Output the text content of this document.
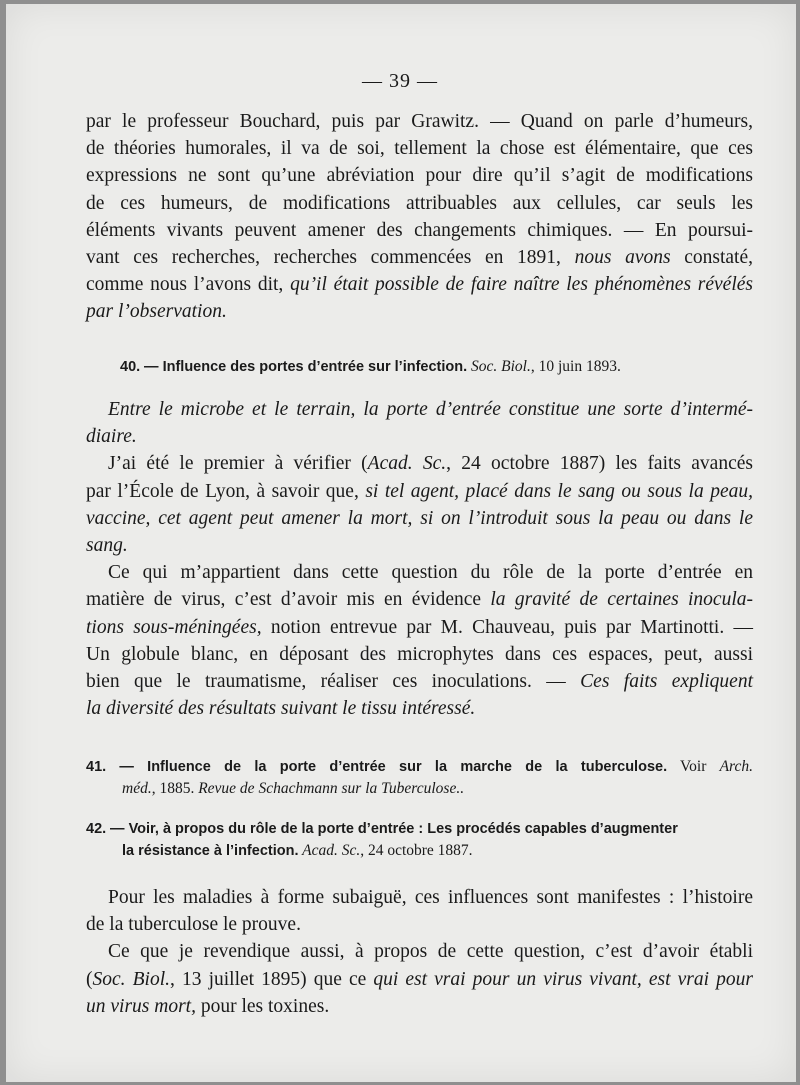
— 39 —
par le professeur Bouchard, puis par Grawitz. — Quand on parle d’humeurs,
de théories humorales, il va de soi, tellement la chose est élémentaire, que ces
expressions ne sont qu’une abréviation pour dire qu’il s’agit de modifications
de ces humeurs, de modifications attribuables aux cellules, car seuls les
éléments vivants peuvent amener des changements chimiques. — En poursui-
vant ces recherches, recherches commencées en 1891, nous avons constaté,
comme nous l’avons dit, qu’il était possible de faire naître les phénomènes révélés
par l’observation.
40. — Influence des portes d’entrée sur l’infection. Soc. Biol., 10 juin 1893.
Entre le microbe et le terrain, la porte d’entrée constitue une sorte d’intermé-
diaire.
J’ai été le premier à vérifier (Acad. Sc., 24 octobre 1887) les faits avancés
par l’École de Lyon, à savoir que, si tel agent, placé dans le sang ou sous la peau,
vaccine, cet agent peut amener la mort, si on l’introduit sous la peau ou dans le
sang.
Ce qui m’appartient dans cette question du rôle de la porte d’entrée en
matière de virus, c’est d’avoir mis en évidence la gravité de certaines inocula-
tions sous-méningées, notion entrevue par M. Chauveau, puis par Martinotti. —
Un globule blanc, en déposant des microphytes dans ces espaces, peut, aussi
bien que le traumatisme, réaliser ces inoculations. — Ces faits expliquent
la diversité des résultats suivant le tissu intéressé.
41. — Influence de la porte d’entrée sur la marche de la tuberculose. Voir Arch.
méd., 1885. Revue de Schachmann sur la Tuberculose..
42. — Voir, à propos du rôle de la porte d’entrée : Les procédés capables d’augmenter
la résistance à l’infection. Acad. Sc., 24 octobre 1887.
Pour les maladies à forme subaiguë, ces influences sont manifestes : l’histoire
de la tuberculose le prouve.
Ce que je revendique aussi, à propos de cette question, c’est d’avoir établi
(Soc. Biol., 13 juillet 1895) que ce qui est vrai pour un virus vivant, est vrai pour
un virus mort, pour les toxines.
